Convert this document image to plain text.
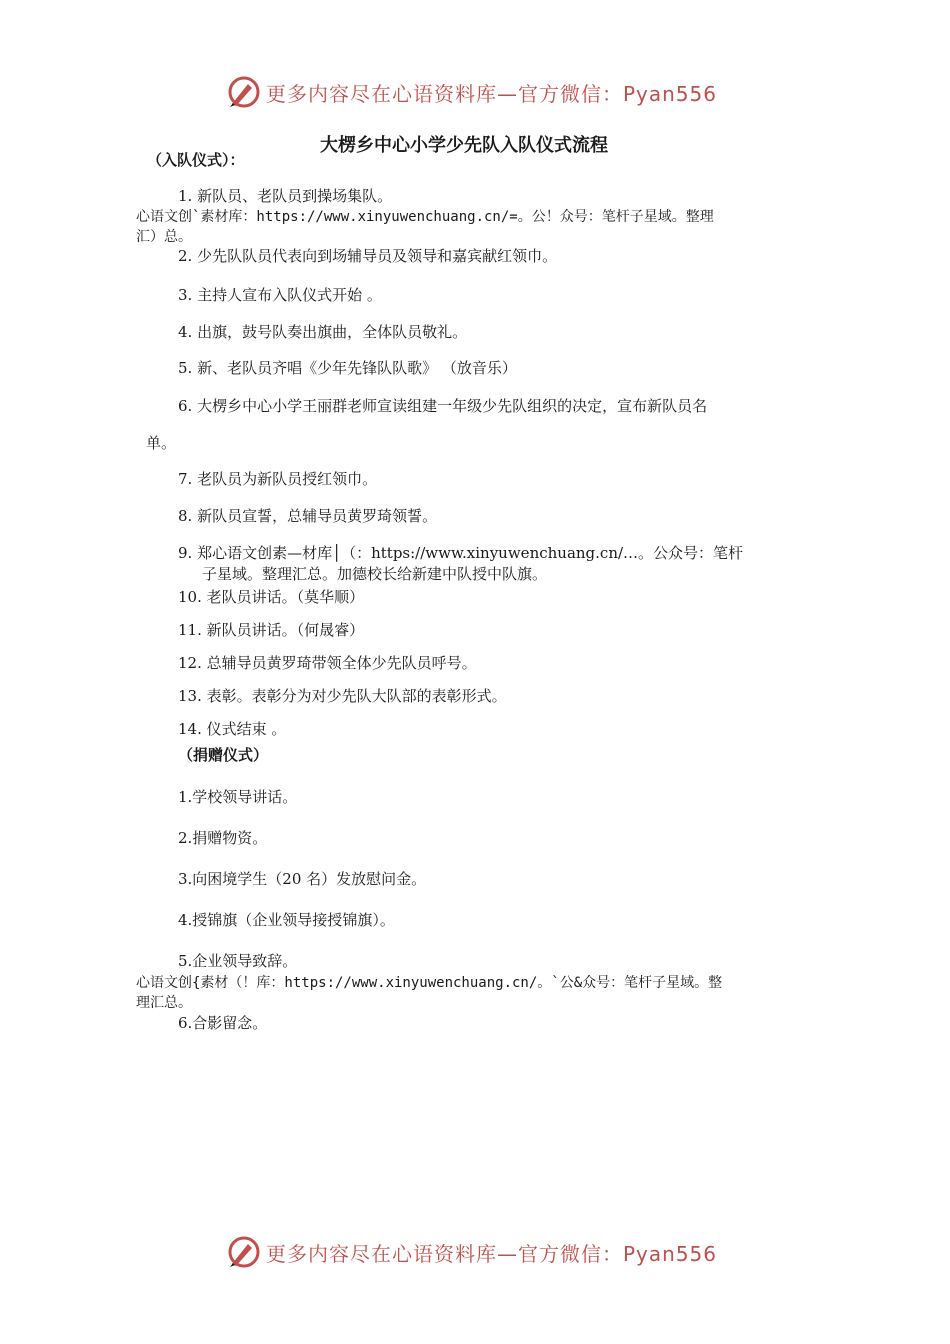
更多内容尽在心语资料库—官方微信：Pyan556
大楞乡中心小学少先队入队仪式流程
（入队仪式）：
1. 新队员、老队员到操场集队。
心语文创`素材库：https://www.xinyuwenchuang.cn/=。公！众号：笔杆子星域。整理
汇）总。
2. 少先队队员代表向到场辅导员及领导和嘉宾献红领巾。
3. 主持人宣布入队仪式开始 。
4. 出旗，鼓号队奏出旗曲，全体队员敬礼。
5. 新、老队员齐唱《少年先锋队队歌》 （放音乐）
6. 大楞乡中心小学王丽群老师宣读组建一年级少先队组织的决定，宣布新队员名
单。
7. 老队员为新队员授红领巾。
8. 新队员宣誓，总辅导员黄罗琦领誓。
9. 郑心语文创素—材库│（：https://www.xinyuwenchuang.cn/…。公众号：笔杆
子星域。整理汇总。加德校长给新建中队授中队旗。
10. 老队员讲话。（莫华顺）
11. 新队员讲话。（何晟睿）
12. 总辅导员黄罗琦带领全体少先队员呼号。
13. 表彰。表彰分为对少先队大队部的表彰形式。
14. 仪式结束 。
（捐赠仪式）
1.学校领导讲话。
2.捐赠物资。
3.向困境学生（20 名）发放慰问金。
4.授锦旗（企业领导接授锦旗）。
5.企业领导致辞。
心语文创{素材（！库：https://www.xinyuwenchuang.cn/。`公&众号：笔杆子星域。整
理汇总。
6.合影留念。
更多内容尽在心语资料库—官方微信：Pyan556
